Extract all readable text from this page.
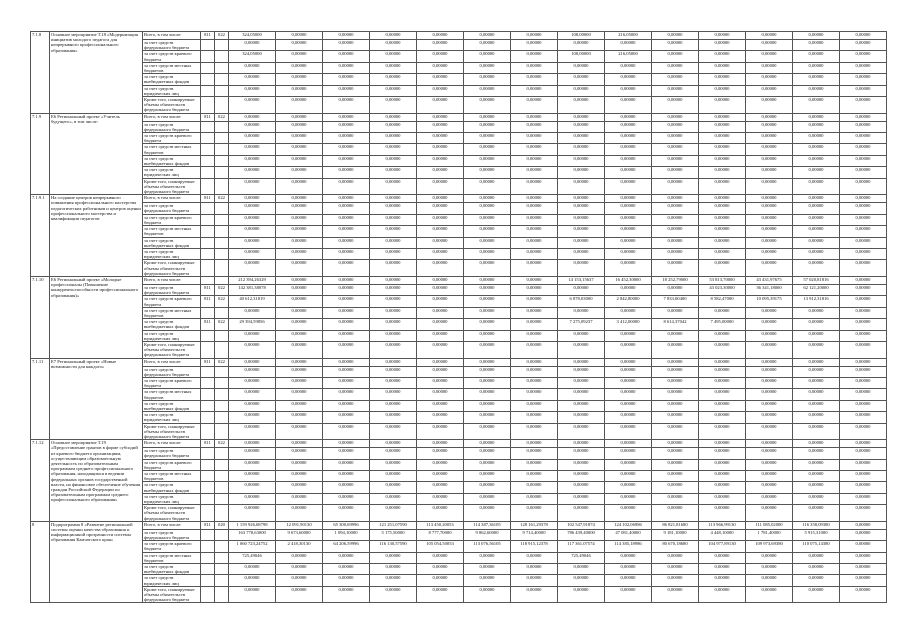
7.1.8	Основное мероприятие Т.18 «Модернизация инициатив молодого педагога для непрерывного профессионального образования»	Всего, в том числе:	811	022	324,05000	0,00000	0,00000	0,00000	0,00000	0,00000	0,00000	108,00000	216,05000	0,00000	0,00000	0,00000	0,00000	0,00000
		за счет средств федерального бюджета			0,00000	0,00000	0,00000	0,00000	0,00000	0,00000	0,00000	0,00000	0,00000	0,00000	0,00000	0,00000	0,00000	0,00000
		за счет средств краевого бюджета			324,05000	0,00000	0,00000	0,00000	0,00000	0,00000	0,00000	108,00000	216,05000	0,00000	0,00000	0,00000	0,00000	0,00000
		за счет средств местных бюджетов			0,00000	0,00000	0,00000	0,00000	0,00000	0,00000	0,00000	0,00000	0,00000	0,00000	0,00000	0,00000	0,00000	0,00000
		за счет средств внебюджетных фондов			0,00000	0,00000	0,00000	0,00000	0,00000	0,00000	0,00000	0,00000	0,00000	0,00000	0,00000	0,00000	0,00000	0,00000
		за счет средств юридических лиц			0,00000	0,00000	0,00000	0,00000	0,00000	0,00000	0,00000	0,00000	0,00000	0,00000	0,00000	0,00000	0,00000	0,00000
		Кроме того, планируемые объемы обязательств федерального бюджета			0,00000	0,00000	0,00000	0,00000	0,00000	0,00000	0,00000	0,00000	0,00000	0,00000	0,00000	0,00000	0,00000	0,00000
7.1.9	E6 Региональный проект «Учитель будущего», в том числе:	Всего, в том числе:	811	022	0,00000	0,00000	0,00000	0,00000	0,00000	0,00000	0,00000	0,00000	0,00000	0,00000	0,00000	0,00000	0,00000	0,00000
		за счет средств федерального бюджета			0,00000	0,00000	0,00000	0,00000	0,00000	0,00000	0,00000	0,00000	0,00000	0,00000	0,00000	0,00000	0,00000	0,00000
		за счет средств краевого бюджета			0,00000	0,00000	0,00000	0,00000	0,00000	0,00000	0,00000	0,00000	0,00000	0,00000	0,00000	0,00000	0,00000	0,00000
		за счет средств местных бюджетов			0,00000	0,00000	0,00000	0,00000	0,00000	0,00000	0,00000	0,00000	0,00000	0,00000	0,00000	0,00000	0,00000	0,00000
		за счет средств внебюджетных фондов			0,00000	0,00000	0,00000	0,00000	0,00000	0,00000	0,00000	0,00000	0,00000	0,00000	0,00000	0,00000	0,00000	0,00000
		за счет средств юридических лиц			0,00000	0,00000	0,00000	0,00000	0,00000	0,00000	0,00000	0,00000	0,00000	0,00000	0,00000	0,00000	0,00000	0,00000
		Кроме того, планируемые объемы обязательств федерального бюджета			0,00000	0,00000	0,00000	0,00000	0,00000	0,00000	0,00000	0,00000	0,00000	0,00000	0,00000	0,00000	0,00000	0,00000
7.1.9.1	На создание центров непрерывного повышения профессионального мастерства педагогических работников и центров оценки профессионального мастерства и квалификации педагогов	Всего, в том числе:	811	022	0,00000	0,00000	0,00000	0,00000	0,00000	0,00000	0,00000	0,00000	0,00000	0,00000	0,00000	0,00000	0,00000	0,00000
		за счет средств федерального бюджета			0,00000	0,00000	0,00000	0,00000	0,00000	0,00000	0,00000	0,00000	0,00000	0,00000	0,00000	0,00000	0,00000	0,00000
		за счет средств краевого бюджета			0,00000	0,00000	0,00000	0,00000	0,00000	0,00000	0,00000	0,00000	0,00000	0,00000	0,00000	0,00000	0,00000	0,00000
		за счет средств местных бюджетов			0,00000	0,00000	0,00000	0,00000	0,00000	0,00000	0,00000	0,00000	0,00000	0,00000	0,00000	0,00000	0,00000	0,00000
		за счет средств внебюджетных фондов			0,00000	0,00000	0,00000	0,00000	0,00000	0,00000	0,00000	0,00000	0,00000	0,00000	0,00000	0,00000	0,00000	0,00000
		за счет средств юридических лиц			0,00000	0,00000	0,00000	0,00000	0,00000	0,00000	0,00000	0,00000	0,00000	0,00000	0,00000	0,00000	0,00000	0,00000
		Кроме того, планируемые объемы обязательств федерального бюджета			0,00000	0,00000	0,00000	0,00000	0,00000	0,00000	0,00000	0,00000	0,00000	0,00000	0,00000	0,00000	0,00000	0,00000
7.1.10	E6 Региональный проект «Молодые профессионалы (Повышение конкурентоспособности профессионального образования)»	Всего, в том числе:			212 394,26329	0,00000	0,00000	0,00000	0,00000	0,00000	0,00000	14 153,15637	16 452,30000	18 252,79000	53 813,70000	43 431,97675	57 020,81816	0,00000
		за счет средств федерального бюджета	811	022	142 381,38078	0,00000	0,00000	0,00000	0,00000	0,00000	0,00000	0,00000	0,00000	0,00000	43 023,30000	36 341,18000	62 121,20000	0,00000
		за счет средств краевого бюджета	811	022	40 612,31819	0,00000	0,00000	0,00000	0,00000	0,00000	0,00000	6 878,03000	2 842,80000	7 833,00400	8 582,47000	10 095,39175	13 912,31816	0,00000
		за счет средств местных бюджетов			0,00000	0,00000	0,00000	0,00000	0,00000	0,00000	0,00000	0,00000	0,00000	0,00000	0,00000	0,00000	0,00000	0,00000
		за счет средств внебюджетных фондов	811	022	29 394,59856	0,00000	0,00000	0,00000	0,00000	0,00000	0,00000	7 275,09237	3 412,00000	8 614,37042	7 495,00000	0,00000	0,00000	0,00000
		за счет средств юридических лиц			0,00000	0,00000	0,00000	0,00000	0,00000	0,00000	0,00000	0,00000	0,00000	0,00000	0,00000	0,00000	0,00000	0,00000
		Кроме того, планируемые объемы обязательств федерального бюджета			0,00000	0,00000	0,00000	0,00000	0,00000	0,00000	0,00000	0,00000	0,00000	0,00000	0,00000	0,00000	0,00000	0,00000
7.1.11	E7 Региональный проект «Новые возможности для каждого»	Всего, в том числе:	811	022	0,00000	0,00000	0,00000	0,00000	0,00000	0,00000	0,00000	0,00000	0,00000	0,00000	0,00000	0,00000	0,00000	0,00000
		за счет средств федерального бюджета			0,00000	0,00000	0,00000	0,00000	0,00000	0,00000	0,00000	0,00000	0,00000	0,00000	0,00000	0,00000	0,00000	0,00000
		за счет средств краевого бюджета			0,00000	0,00000	0,00000	0,00000	0,00000	0,00000	0,00000	0,00000	0,00000	0,00000	0,00000	0,00000	0,00000	0,00000
		за счет средств местных бюджетов			0,00000	0,00000	0,00000	0,00000	0,00000	0,00000	0,00000	0,00000	0,00000	0,00000	0,00000	0,00000	0,00000	0,00000
		за счет средств внебюджетных фондов			0,00000	0,00000	0,00000	0,00000	0,00000	0,00000	0,00000	0,00000	0,00000	0,00000	0,00000	0,00000	0,00000	0,00000
		за счет средств юридических лиц			0,00000	0,00000	0,00000	0,00000	0,00000	0,00000	0,00000	0,00000	0,00000	0,00000	0,00000	0,00000	0,00000	0,00000
		Кроме того, планируемые объемы обязательств федерального бюджета			0,00000	0,00000	0,00000	0,00000	0,00000	0,00000	0,00000	0,00000	0,00000	0,00000	0,00000	0,00000	0,00000	0,00000
7.1.12	Основное мероприятие Т.19 «Предоставление грантов в форме субсидий из краевого бюджета организациям, осуществляющим образовательную деятельность по образовательным программам среднего профессионального образования, находящимся в ведении федеральных органов государственной власти, на финансовое обеспечение обучения граждан Российской Федерации по образовательным программам среднего профессионального образования»	Всего, в том числе:	811	022	0,00000	0,00000	0,00000	0,00000	0,00000	0,00000	0,00000	0,00000	0,00000	0,00000	0,00000	0,00000	0,00000	0,00000
		за счет средств федерального бюджета			0,00000	0,00000	0,00000	0,00000	0,00000	0,00000	0,00000	0,00000	0,00000	0,00000	0,00000	0,00000	0,00000	0,00000
		за счет средств краевого бюджета			0,00000	0,00000	0,00000	0,00000	0,00000	0,00000	0,00000	0,00000	0,00000	0,00000	0,00000	0,00000	0,00000	0,00000
		за счет средств местных бюджетов			0,00000	0,00000	0,00000	0,00000	0,00000	0,00000	0,00000	0,00000	0,00000	0,00000	0,00000	0,00000	0,00000	0,00000
		за счет средств внебюджетных фондов			0,00000	0,00000	0,00000	0,00000	0,00000	0,00000	0,00000	0,00000	0,00000	0,00000	0,00000	0,00000	0,00000	0,00000
		за счет средств юридических лиц			0,00000	0,00000	0,00000	0,00000	0,00000	0,00000	0,00000	0,00000	0,00000	0,00000	0,00000	0,00000	0,00000	0,00000
		Кроме того, планируемые объемы обязательств федерального бюджета			0,00000	0,00000	0,00000	0,00000	0,00000	0,00000	0,00000	0,00000	0,00000	0,00000	0,00000	0,00000	0,00000	0,00000
8	Подпрограмма 8 «Развитие региональной системы оценки качества образования и информационной прозрачности системы образования Камчатского края»	Всего, в том числе:	811	020	1 159 926,68798	12 091,90130	65 300,69996	121 251,07590	113 450,20053	114 387,36105	128 161,29378	102 547,91874	124 102,06986	86 821,81680	113 966,99130	111 085,02000	116 358,09380	0,00000
		за счет средств федерального бюджета			163 778,63000	9 673,60000	1 094,10000	5 175,50000	8 777,70000	9 862,60000	9 714,40000	786 439,40000	47 081,40000	9 181,10000	4 448,10000	1 781,40000	5 915,31000	0,00000
		за счет средств краевого бюджета			1 060 723,24752	2 418,30130	64 206,59996	116 130,57590	105 054,50053	113 076,56105	118 915,12378	117 361,07574	114 385,18986	80 670,18680	104 977,89130	109 973,69380	110 075,14380	0,00000
		за счет средств местных бюджетов			725,49046	0,00000	0,00000	0,00000	0,00000	0,00000	0,00000	725,49046	0,00000	0,00000	0,00000	0,00000	0,00000	0,00000
		за счет средств внебюджетных фондов			0,00000	0,00000	0,00000	0,00000	0,00000	0,00000	0,00000	0,00000	0,00000	0,00000	0,00000	0,00000	0,00000	0,00000
		за счет средств юридических лиц			0,00000	0,00000	0,00000	0,00000	0,00000	0,00000	0,00000	0,00000	0,00000	0,00000	0,00000	0,00000	0,00000	0,00000
		Кроме того, планируемые объемы обязательств федерального бюджета			0,00000	0,00000	0,00000	0,00000	0,00000	0,00000	0,00000	0,00000	0,00000	0,00000	0,00000	0,00000	0,00000	0,00000
